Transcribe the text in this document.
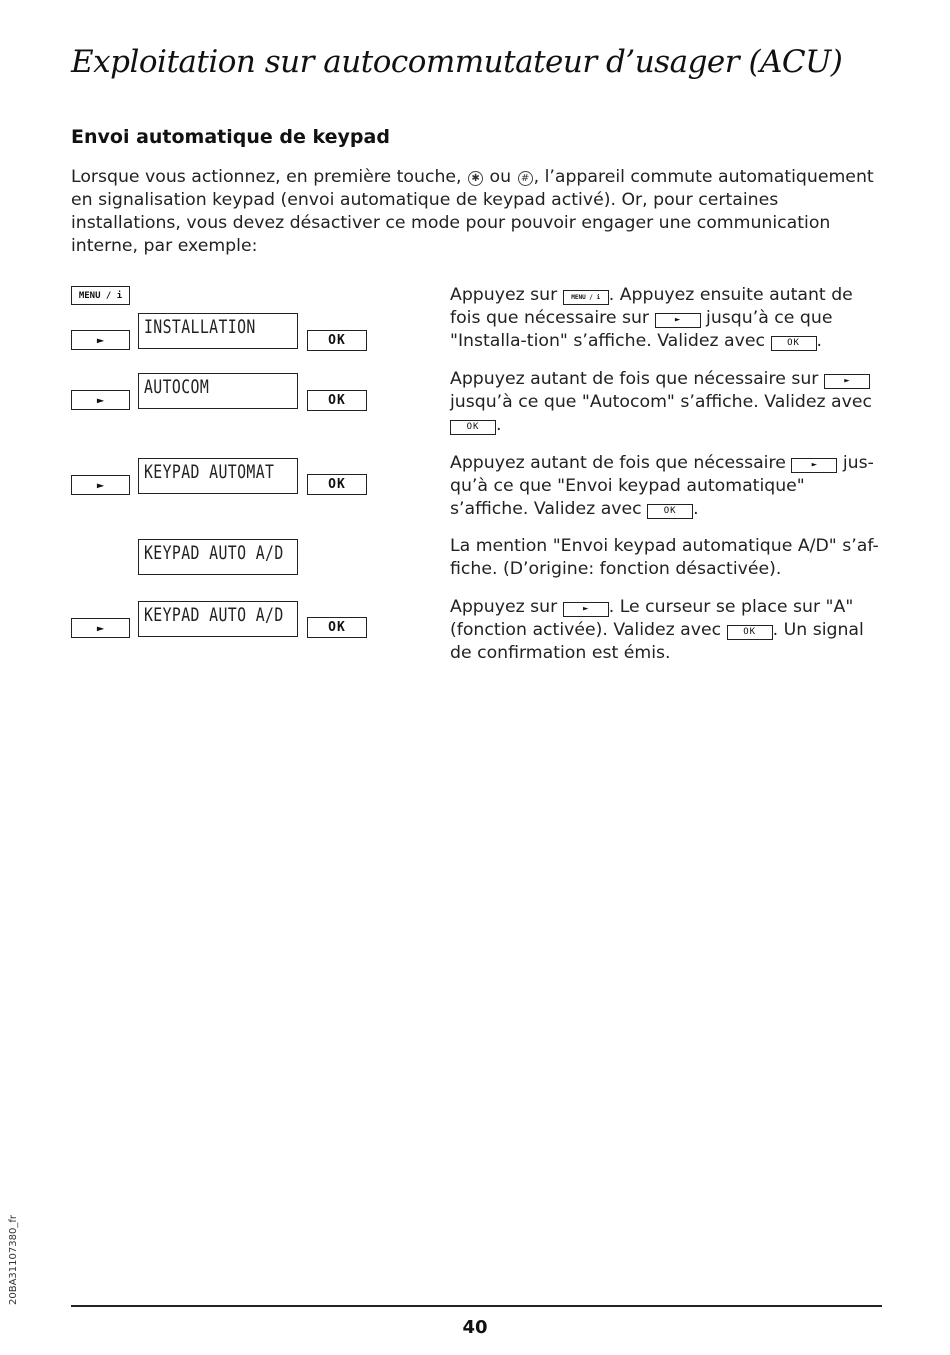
Exploitation sur autocommutateur d’usager (ACU)
Envoi automatique de keypad
Lorsque vous actionnez, en première touche, ✱ ou # , l’appareil commute automatiquement en signalisation keypad (envoi automatique de keypad activé). Or, pour certaines installations, vous devez désactiver ce mode pour pouvoir engager une communication interne, par exemple:
MENU / i
INSTALLATION
►	OK
AUTOCOM
►	OK
KEYPAD AUTOMAT
►	OK
KEYPAD AUTO A/D
KEYPAD AUTO A/D
►	OK
Appuyez sur MENU / i . Appuyez ensuite autant de fois que nécessaire sur	► jusqu’à ce que "Installa-tion" s’affiche. Validez avec OK .
Appuyez autant de fois que nécessaire sur	► jusqu’à ce que "Autocom" s’affiche. Validez avec OK .
Appuyez autant de fois que nécessaire	► jus-qu’à ce que "Envoi keypad automatique" s’affiche. Validez avec OK .
La mention "Envoi keypad automatique A/D" s’af-fiche. (D’origine: fonction désactivée).
Appuyez sur	► . Le curseur se place sur "A" (fonction activée). Validez avec OK . Un signal de confirmation est émis.
20BA31107380_fr
40
